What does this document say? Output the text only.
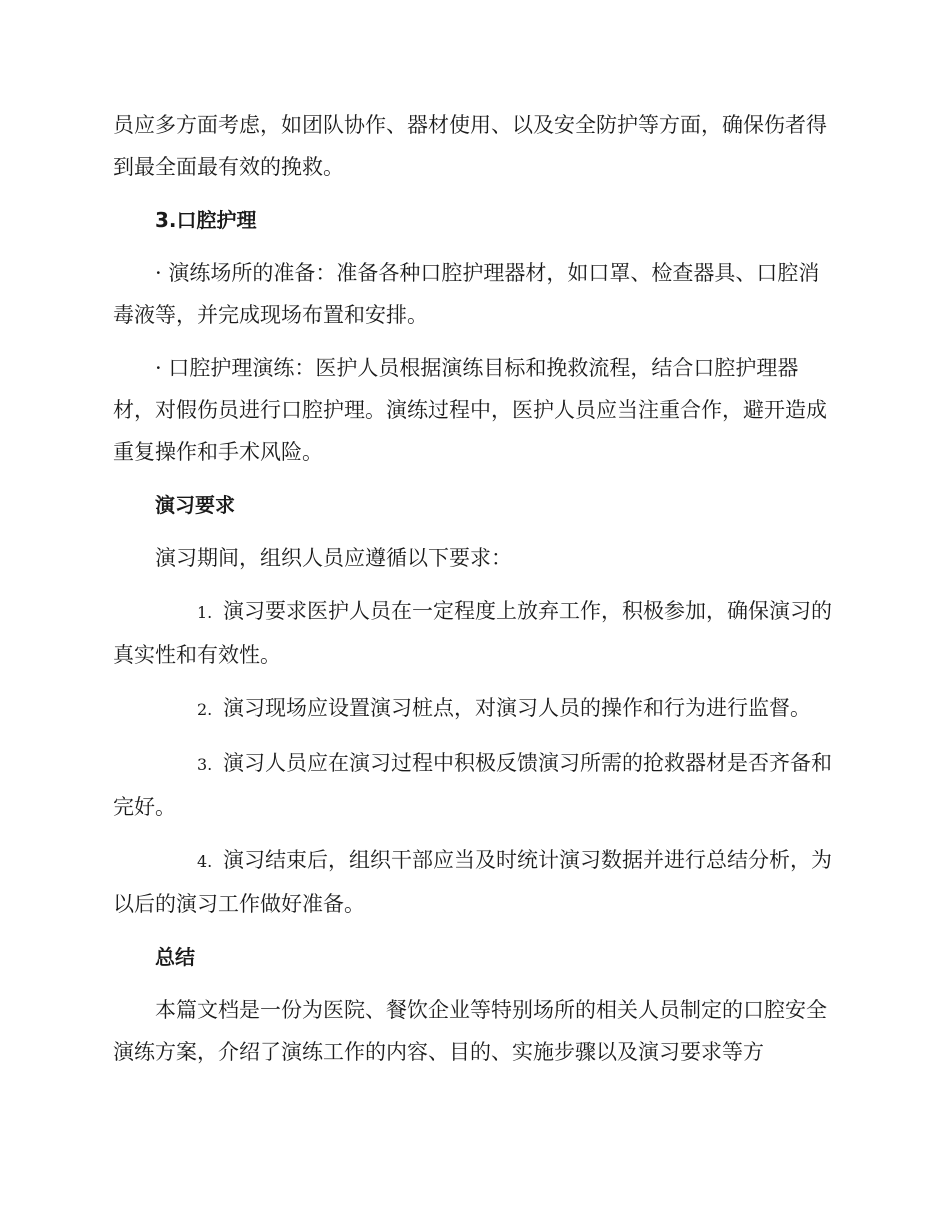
员应多方面考虑，如团队协作、器材使用、以及安全防护等方面，确保伤者得到最全面最有效的挽救。

3.口腔护理

· 演练场所的准备：准备各种口腔护理器材，如口罩、检查器具、口腔消毒液等，并完成现场布置和安排。

· 口腔护理演练：医护人员根据演练目标和挽救流程，结合口腔护理器材，对假伤员进行口腔护理。演练过程中，医护人员应当注重合作，避开造成重复操作和手术风险。

演习要求

演习期间，组织人员应遵循以下要求：

1. 演习要求医护人员在一定程度上放弃工作，积极参加，确保演习的真实性和有效性。

2. 演习现场应设置演习桩点，对演习人员的操作和行为进行监督。

3. 演习人员应在演习过程中积极反馈演习所需的抢救器材是否齐备和完好。

4. 演习结束后，组织干部应当及时统计演习数据并进行总结分析，为以后的演习工作做好准备。

总结

本篇文档是一份为医院、餐饮企业等特别场所的相关人员制定的口腔安全演练方案，介绍了演练工作的内容、目的、实施步骤以及演习要求等方
